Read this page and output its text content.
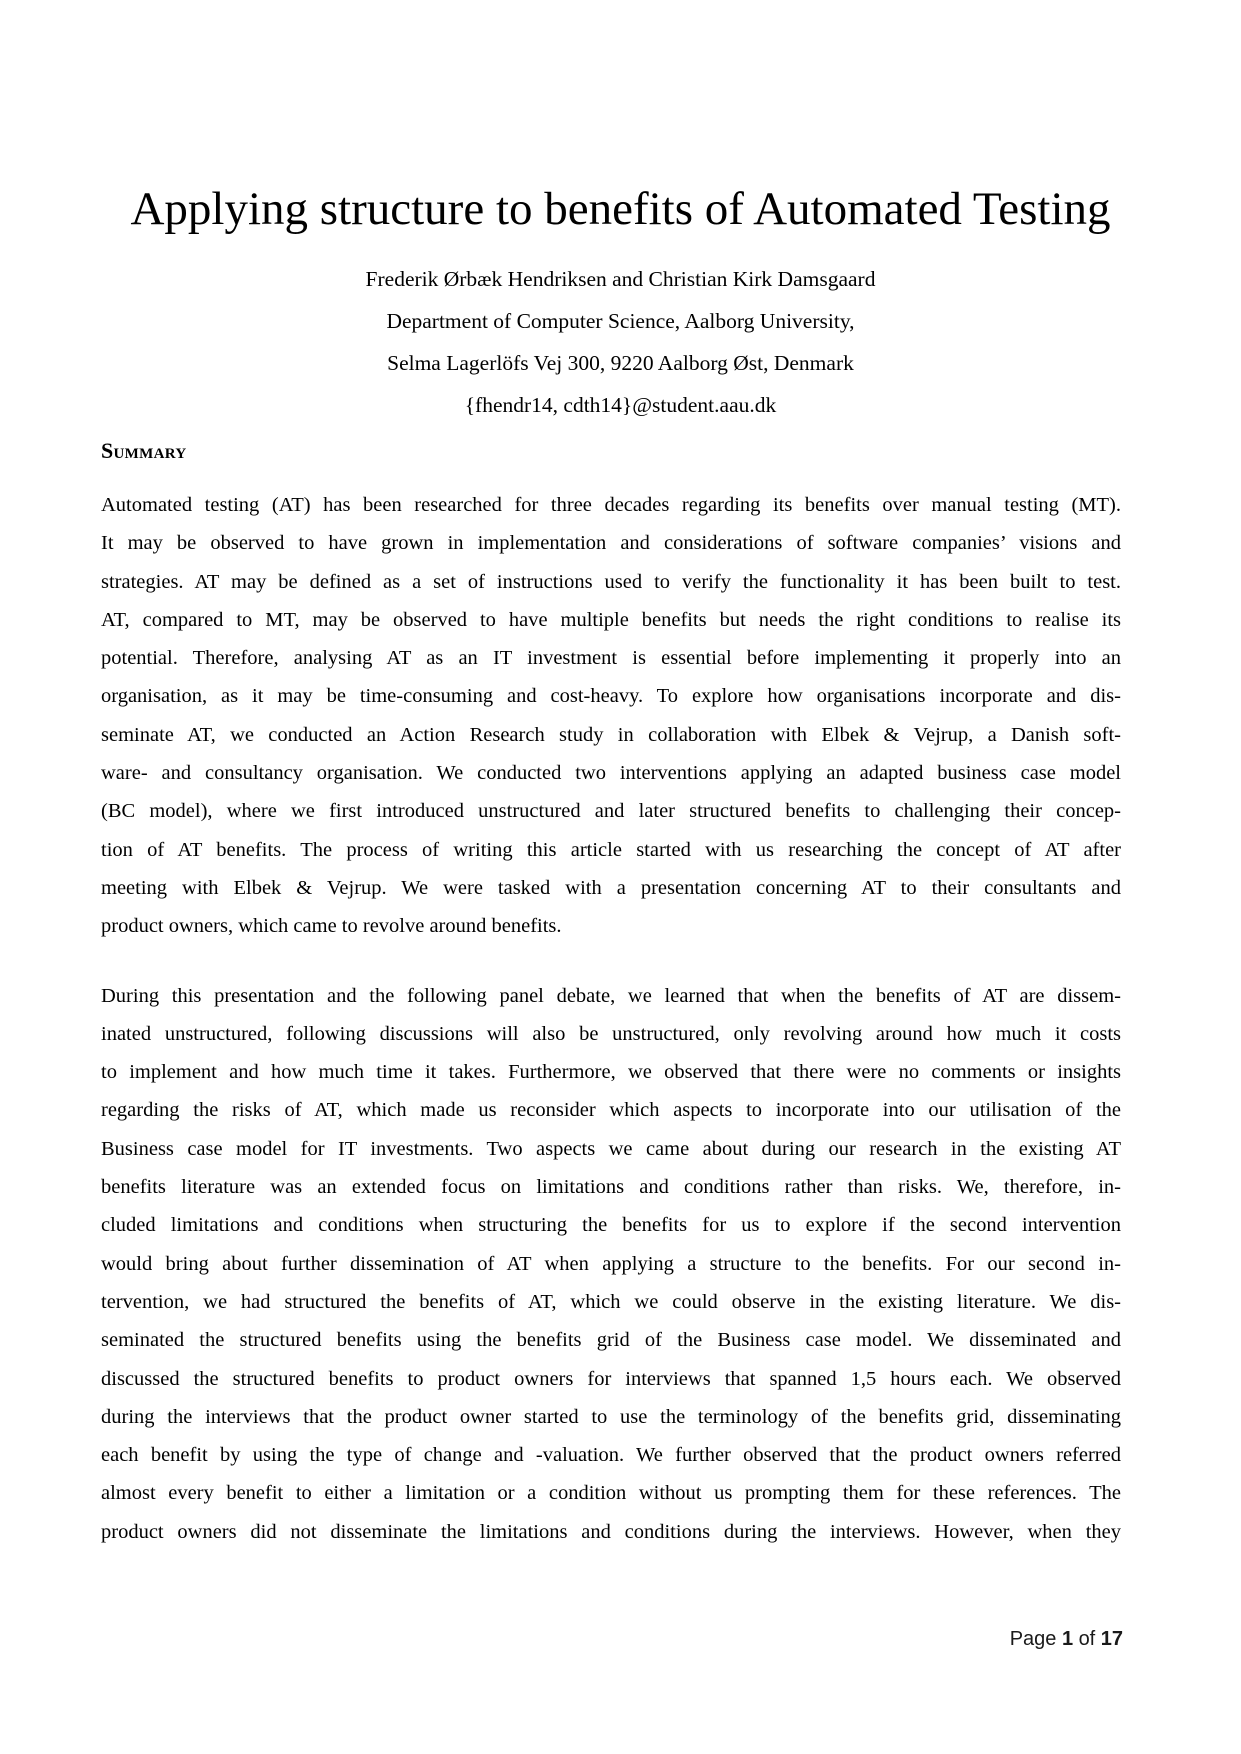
Applying structure to benefits of Automated Testing
Frederik Ørbæk Hendriksen and Christian Kirk Damsgaard
Department of Computer Science, Aalborg University,
Selma Lagerlöfs Vej 300, 9220 Aalborg Øst, Denmark
{fhendr14, cdth14}@student.aau.dk
Summary
Automated testing (AT) has been researched for three decades regarding its benefits over manual testing (MT).
It may be observed to have grown in implementation and considerations of software companies’ visions and
strategies. AT may be defined as a set of instructions used to verify the functionality it has been built to test.
AT, compared to MT, may be observed to have multiple benefits but needs the right conditions to realise its
potential. Therefore, analysing AT as an IT investment is essential before implementing it properly into an
organisation, as it may be time-consuming and cost-heavy. To explore how organisations incorporate and dis-
seminate AT, we conducted an Action Research study in collaboration with Elbek & Vejrup, a Danish soft-
ware- and consultancy organisation. We conducted two interventions applying an adapted business case model
(BC model), where we first introduced unstructured and later structured benefits to challenging their concep-
tion of AT benefits. The process of writing this article started with us researching the concept of AT after
meeting with Elbek & Vejrup. We were tasked with a presentation concerning AT to their consultants and
product owners, which came to revolve around benefits.
During this presentation and the following panel debate, we learned that when the benefits of AT are dissem-
inated unstructured, following discussions will also be unstructured, only revolving around how much it costs
to implement and how much time it takes. Furthermore, we observed that there were no comments or insights
regarding the risks of AT, which made us reconsider which aspects to incorporate into our utilisation of the
Business case model for IT investments. Two aspects we came about during our research in the existing AT
benefits literature was an extended focus on limitations and conditions rather than risks. We, therefore, in-
cluded limitations and conditions when structuring the benefits for us to explore if the second intervention
would bring about further dissemination of AT when applying a structure to the benefits. For our second in-
tervention, we had structured the benefits of AT, which we could observe in the existing literature. We dis-
seminated the structured benefits using the benefits grid of the Business case model. We disseminated and
discussed the structured benefits to product owners for interviews that spanned 1,5 hours each. We observed
during the interviews that the product owner started to use the terminology of the benefits grid, disseminating
each benefit by using the type of change and -valuation. We further observed that the product owners referred
almost every benefit to either a limitation or a condition without us prompting them for these references. The
product owners did not disseminate the limitations and conditions during the interviews. However, when they
Page 1 of 17
